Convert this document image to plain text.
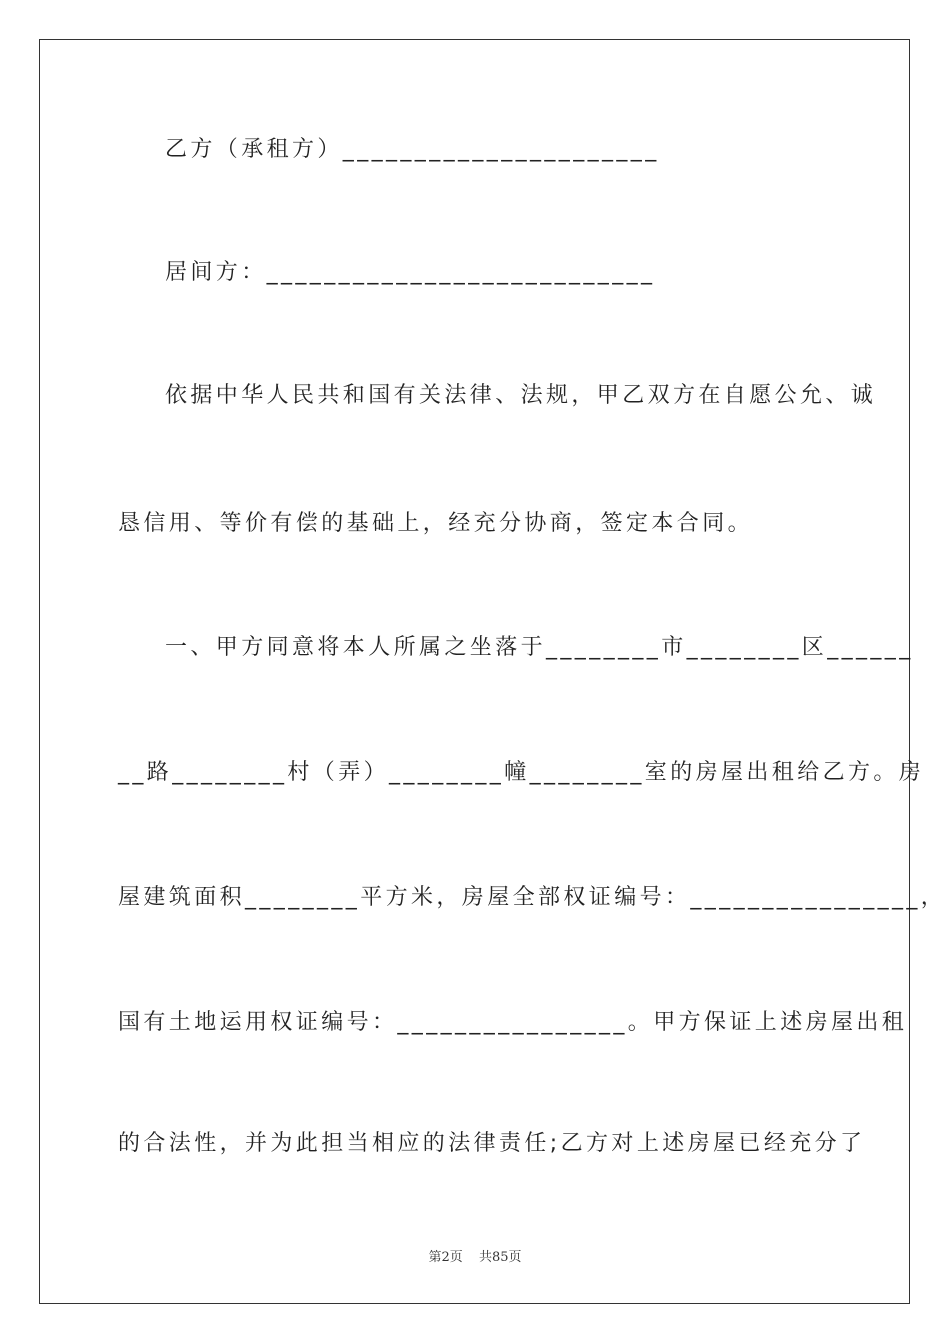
乙方（承租方）______________________
居间方：___________________________
依据中华人民共和国有关法律、法规，甲乙双方在自愿公允、诚
恳信用、等价有偿的基础上，经充分协商，签定本合同。
一、甲方同意将本人所属之坐落于________市________区______
__路________村（弄）________幢________室的房屋出租给乙方。房
屋建筑面积________平方米，房屋全部权证编号：________________，
国有土地运用权证编号：________________。甲方保证上述房屋出租
的合法性，并为此担当相应的法律责任;乙方对上述房屋已经充分了
第2页 共85页
